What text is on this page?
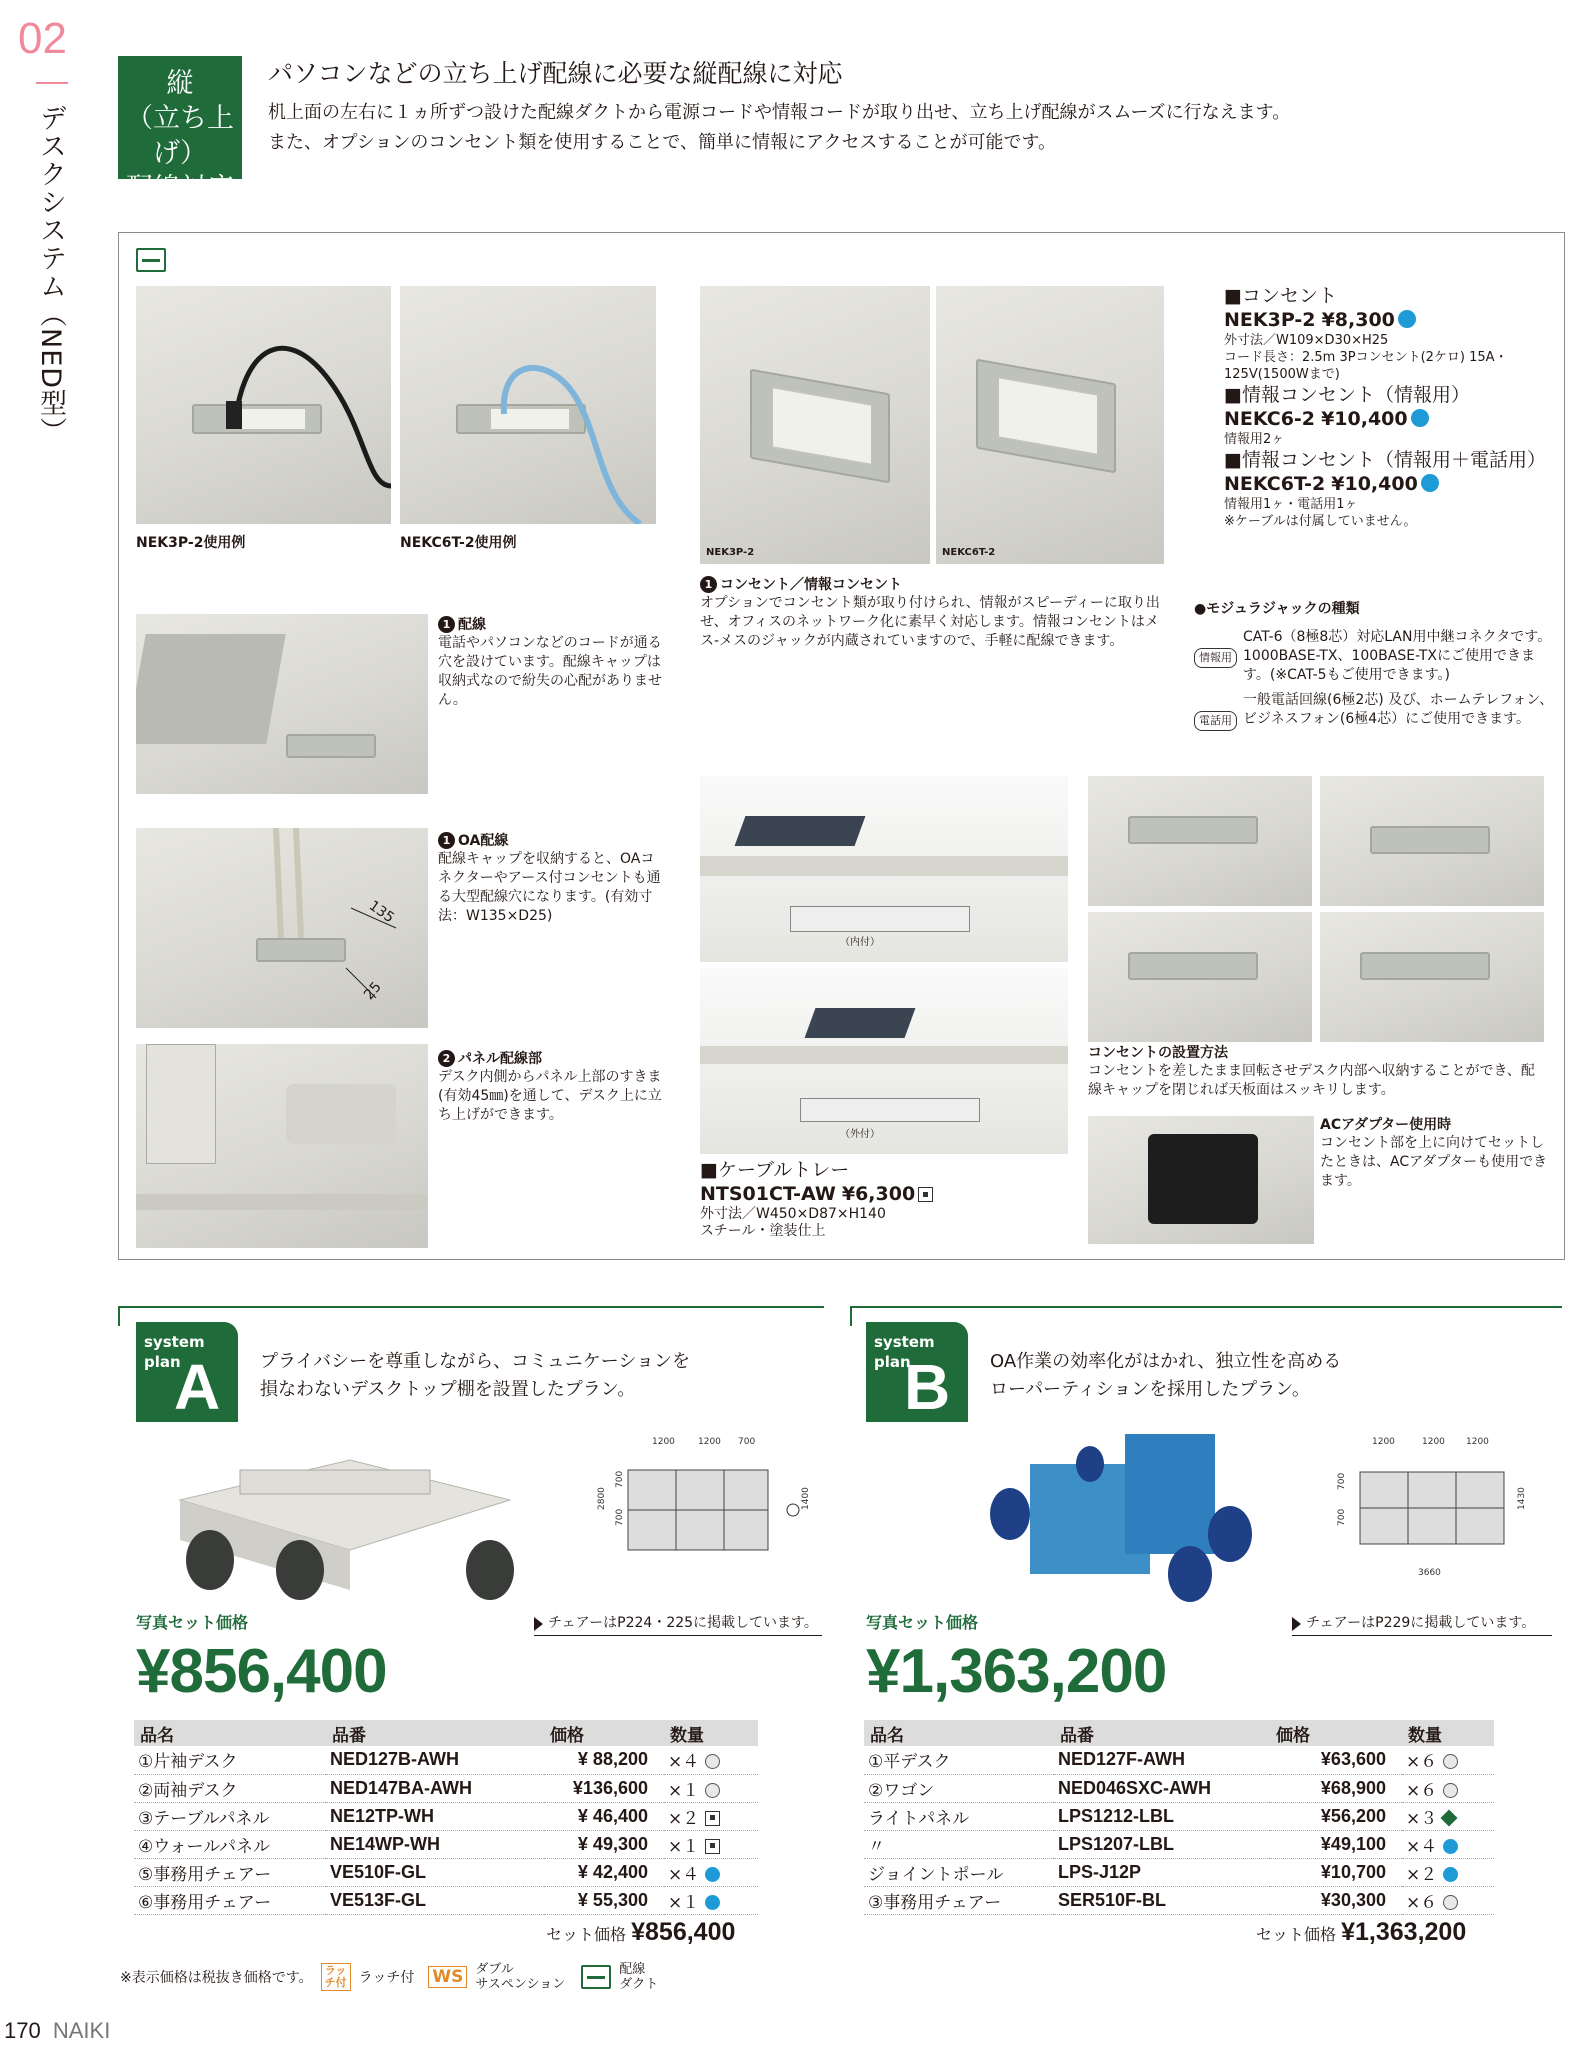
02
デスクシステム（NED型）
縦
（立ち上げ）
配線対応
パソコンなどの立ち上げ配線に必要な縦配線に対応
机上面の左右に１ヵ所ずつ設けた配線ダクトから電源コードや情報コードが取り出せ、立ち上げ配線がスムーズに行なえます。
また、オプションのコンセント類を使用することで、簡単に情報にアクセスすることが可能です。
NEK3P-2使用例	NEKC6T-2使用例
NEK3P-2	NEKC6T-2
1 コンセント／情報コンセント
オプションでコンセント類が取り付けられ、情報がスピーディーに取り出せ、オフィスのネットワーク化に素早く対応します。情報コンセントはメス-メスのジャックが内蔵されていますので、手軽に配線できます。
■コンセント
NEK3P-2 ¥8,300
外寸法／W109×D30×H25
コード長さ：2.5m 3Pコンセント(2ケロ) 15A・125V(1500Wまで)
■情報コンセント（情報用）
NEKC6-2 ¥10,400
情報用2ヶ
■情報コンセント（情報用＋電話用）
NEKC6T-2 ¥10,400
情報用1ヶ・電話用1ヶ
※ケーブルは付属していません。
●モジュラジャックの種類
情報用
CAT-6（8極8芯）対応LAN用中継コネクタです。1000BASE-TX、100BASE-TXにご使用できます。(※CAT-5もご使用できます。)
電話用
一般電話回線(6極2芯) 及び、ホームテレフォン、ビジネスフォン(6極4芯）にご使用できます。
1 配線
電話やパソコンなどのコードが通る穴を設けています。配線キャップは収納式なので紛失の心配がありません。
135
25
1 OA配線
配線キャップを収納すると、OAコネクターやアース付コンセントも通る大型配線穴になります。(有効寸法：W135×D25)
2 パネル配線部
デスク内側からパネル上部のすきま(有効45㎜)を通して、デスク上に立ち上げができます。
（内付）
（外付）
■ケーブルトレー
NTS01CT-AW ¥6,300
外寸法／W450×D87×H140
スチール・塗装仕上
コンセントの設置方法
コンセントを差したまま回転させデスク内部へ収納することができ、配線キャップを閉じれば天板面はスッキリします。
ACアダプター使用時
コンセント部を上に向けてセットしたときは、ACアダプターも使用できます。
system
plan
A プライバシーを尊重しながら、コミュニケーションを
損なわないデスクトップ棚を設置したプラン。
1200	1200 700
2800	1400
700
700
写真セット価格	チェアーはP224・225に掲載しています。
¥856,400
品名	品番	価格	数量
①片袖デスク	NED127B-AWH	¥ 88,200	×４
②両袖デスク	NED147BA-AWH	¥136,600	×１
③テーブルパネル	NE12TP-WH	¥ 46,400	×２
④ウォールパネル	NE14WP-WH	¥ 49,300	×１
⑤事務用チェアー	VE510F-GL	¥ 42,400	×４
⑥事務用チェアー	VE513F-GL	¥ 55,300	×１
セット価格 ¥856,400
system
plan
B OA作業の効率化がはかれ、独立性を高める
ローパーティションを採用したプラン。
1200	1200 1200
700
700
1430
3660
写真セット価格	チェアーはP229に掲載しています。
¥1,363,200
品名	品番	価格	数量
①平デスク	NED127F-AWH	¥63,600	×６
②ワゴン	NED046SXC-AWH	¥68,900	×６
ライトパネル	LPS1212-LBL	¥56,200	×３
〃	LPS1207-LBL	¥49,100	×４
ジョイントポール	LPS-J12P	¥10,700	×２
③事務用チェアー	SER510F-BL	¥30,300	×６
セット価格 ¥1,363,200
※表示価格は税抜き価格です。	ラッチ付 ラッチ付 WS ダブル
サスペンション
配線
ダクト
170 NAIKI
